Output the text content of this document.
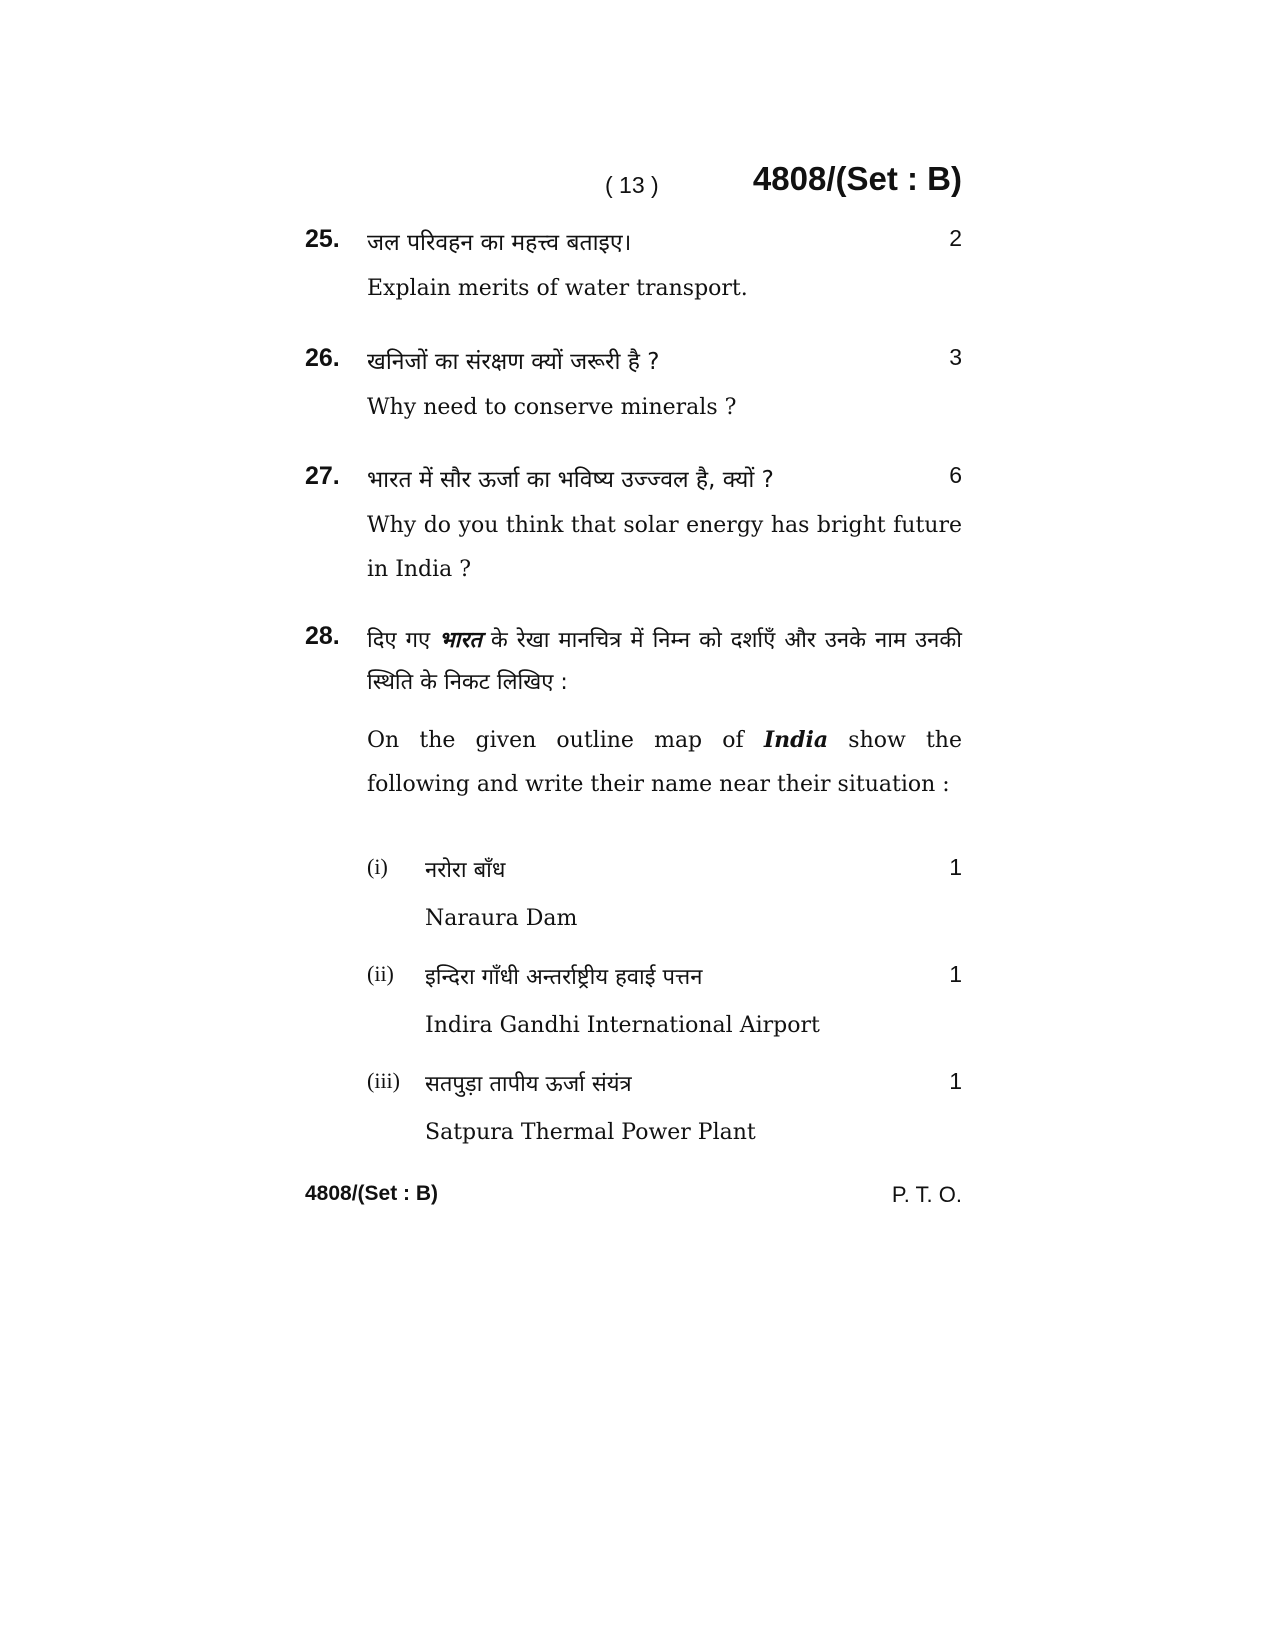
( 13 )	4808/(Set : B)
25. जल परिवहन का महत्त्व बताइए।	2
Explain merits of water transport.
26. खनिजों का संरक्षण क्यों जरूरी है ?	3
Why need to conserve minerals ?
27. भारत में सौर ऊर्जा का भविष्य उज्ज्वल है, क्यों ?	6
Why do you think that solar energy has bright future in India ?
28. दिए गए भारत के रेखा मानचित्र में निम्न को दर्शाएँ और उनके नाम उनकी स्थिति के निकट लिखिए :
On the given outline map of India show the following and write their name near their situation :
(i) नरोरा बाँध	1
Naraura Dam
(ii) इन्दिरा गाँधी अन्तर्राष्ट्रीय हवाई पत्तन	1
Indira Gandhi International Airport
(iii) सतपुड़ा तापीय ऊर्जा संयंत्र	1
Satpura Thermal Power Plant
4808/(Set : B)	P. T. O.
